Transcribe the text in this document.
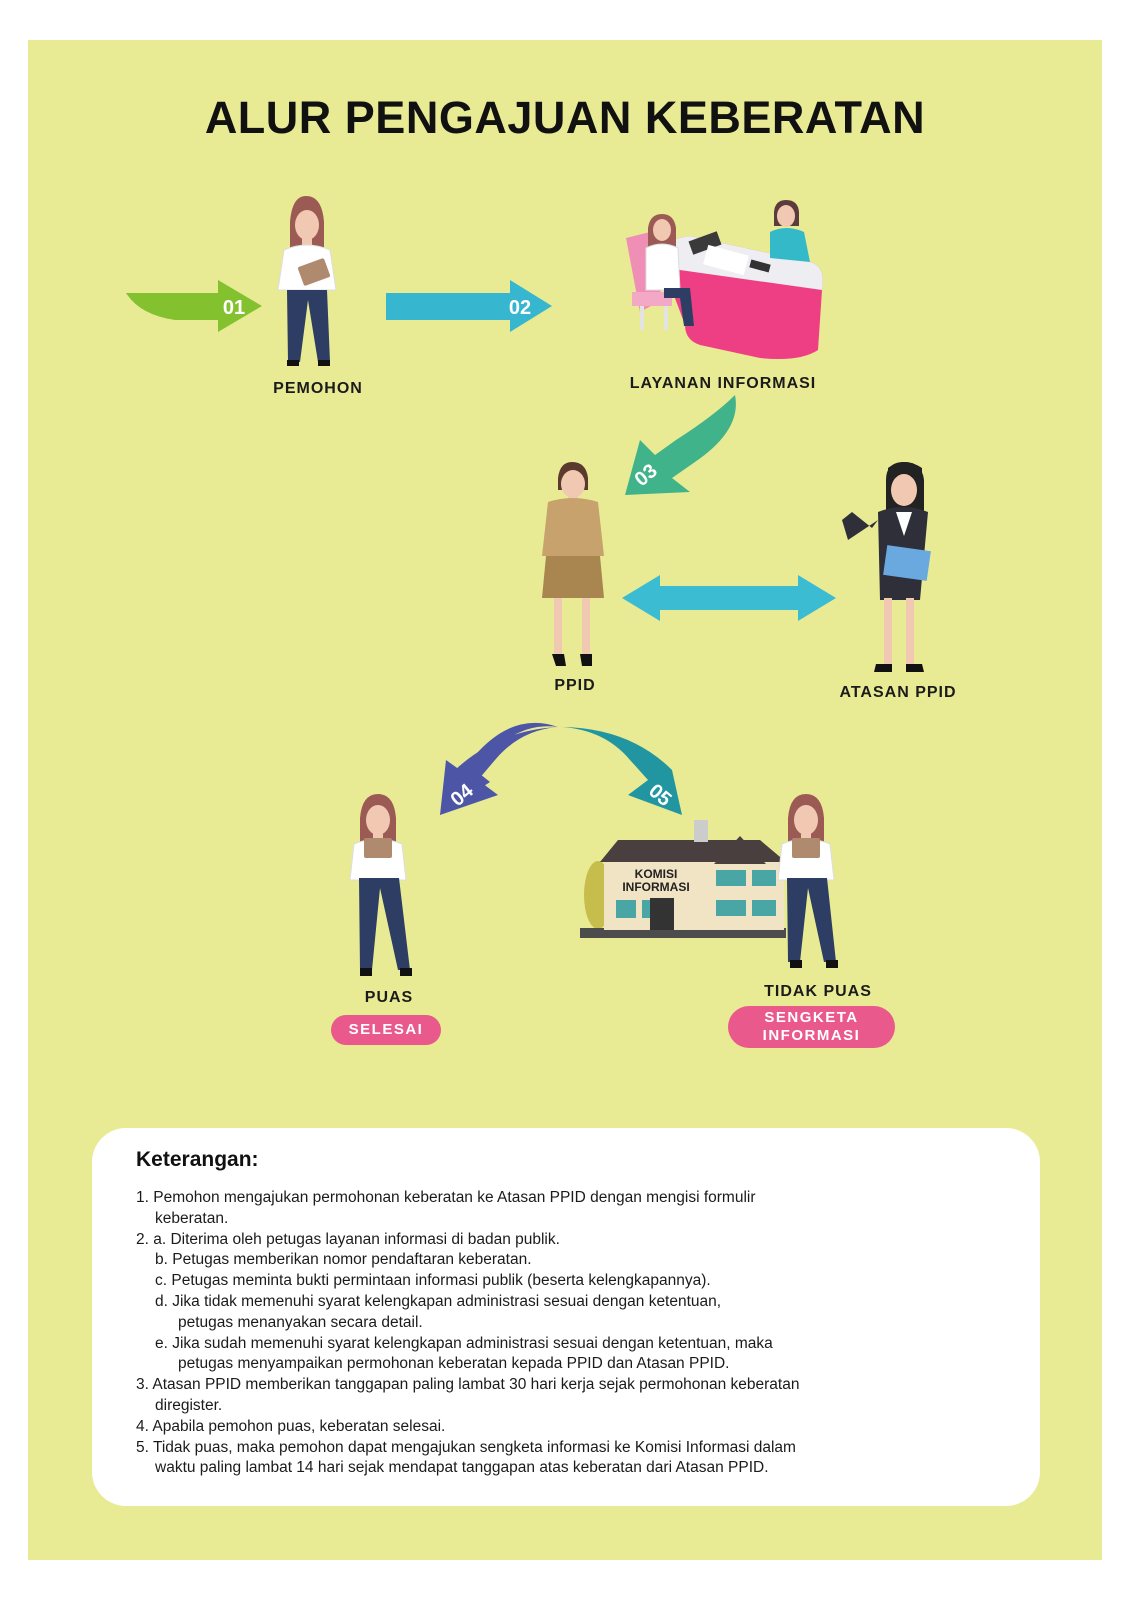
ALUR PENGAJUAN KEBERATAN
01	02
03
04	05
KOMISI
INFORMASI
PEMOHON	LAYANAN INFORMASI
PPID	ATASAN PPID
PUAS	TIDAK PUAS
SELESAI
SENGKETA
INFORMASI
Keterangan:
1. Pemohon mengajukan permohonan keberatan ke Atasan PPID dengan mengisi formulir
keberatan.
2. a. Diterima oleh petugas layanan informasi di badan publik.
b. Petugas memberikan nomor pendaftaran keberatan.
c. Petugas meminta bukti permintaan informasi publik (beserta kelengkapannya).
d. Jika tidak memenuhi syarat kelengkapan administrasi sesuai dengan ketentuan,
petugas menanyakan secara detail.
e. Jika sudah memenuhi syarat kelengkapan administrasi sesuai dengan ketentuan, maka
petugas menyampaikan permohonan keberatan kepada PPID dan Atasan PPID.
3. Atasan PPID memberikan tanggapan paling lambat 30 hari kerja sejak permohonan keberatan
diregister.
4. Apabila pemohon puas, keberatan selesai.
5. Tidak puas, maka pemohon dapat mengajukan sengketa informasi ke Komisi Informasi dalam
waktu paling lambat 14 hari sejak mendapat tanggapan atas keberatan dari Atasan PPID.
